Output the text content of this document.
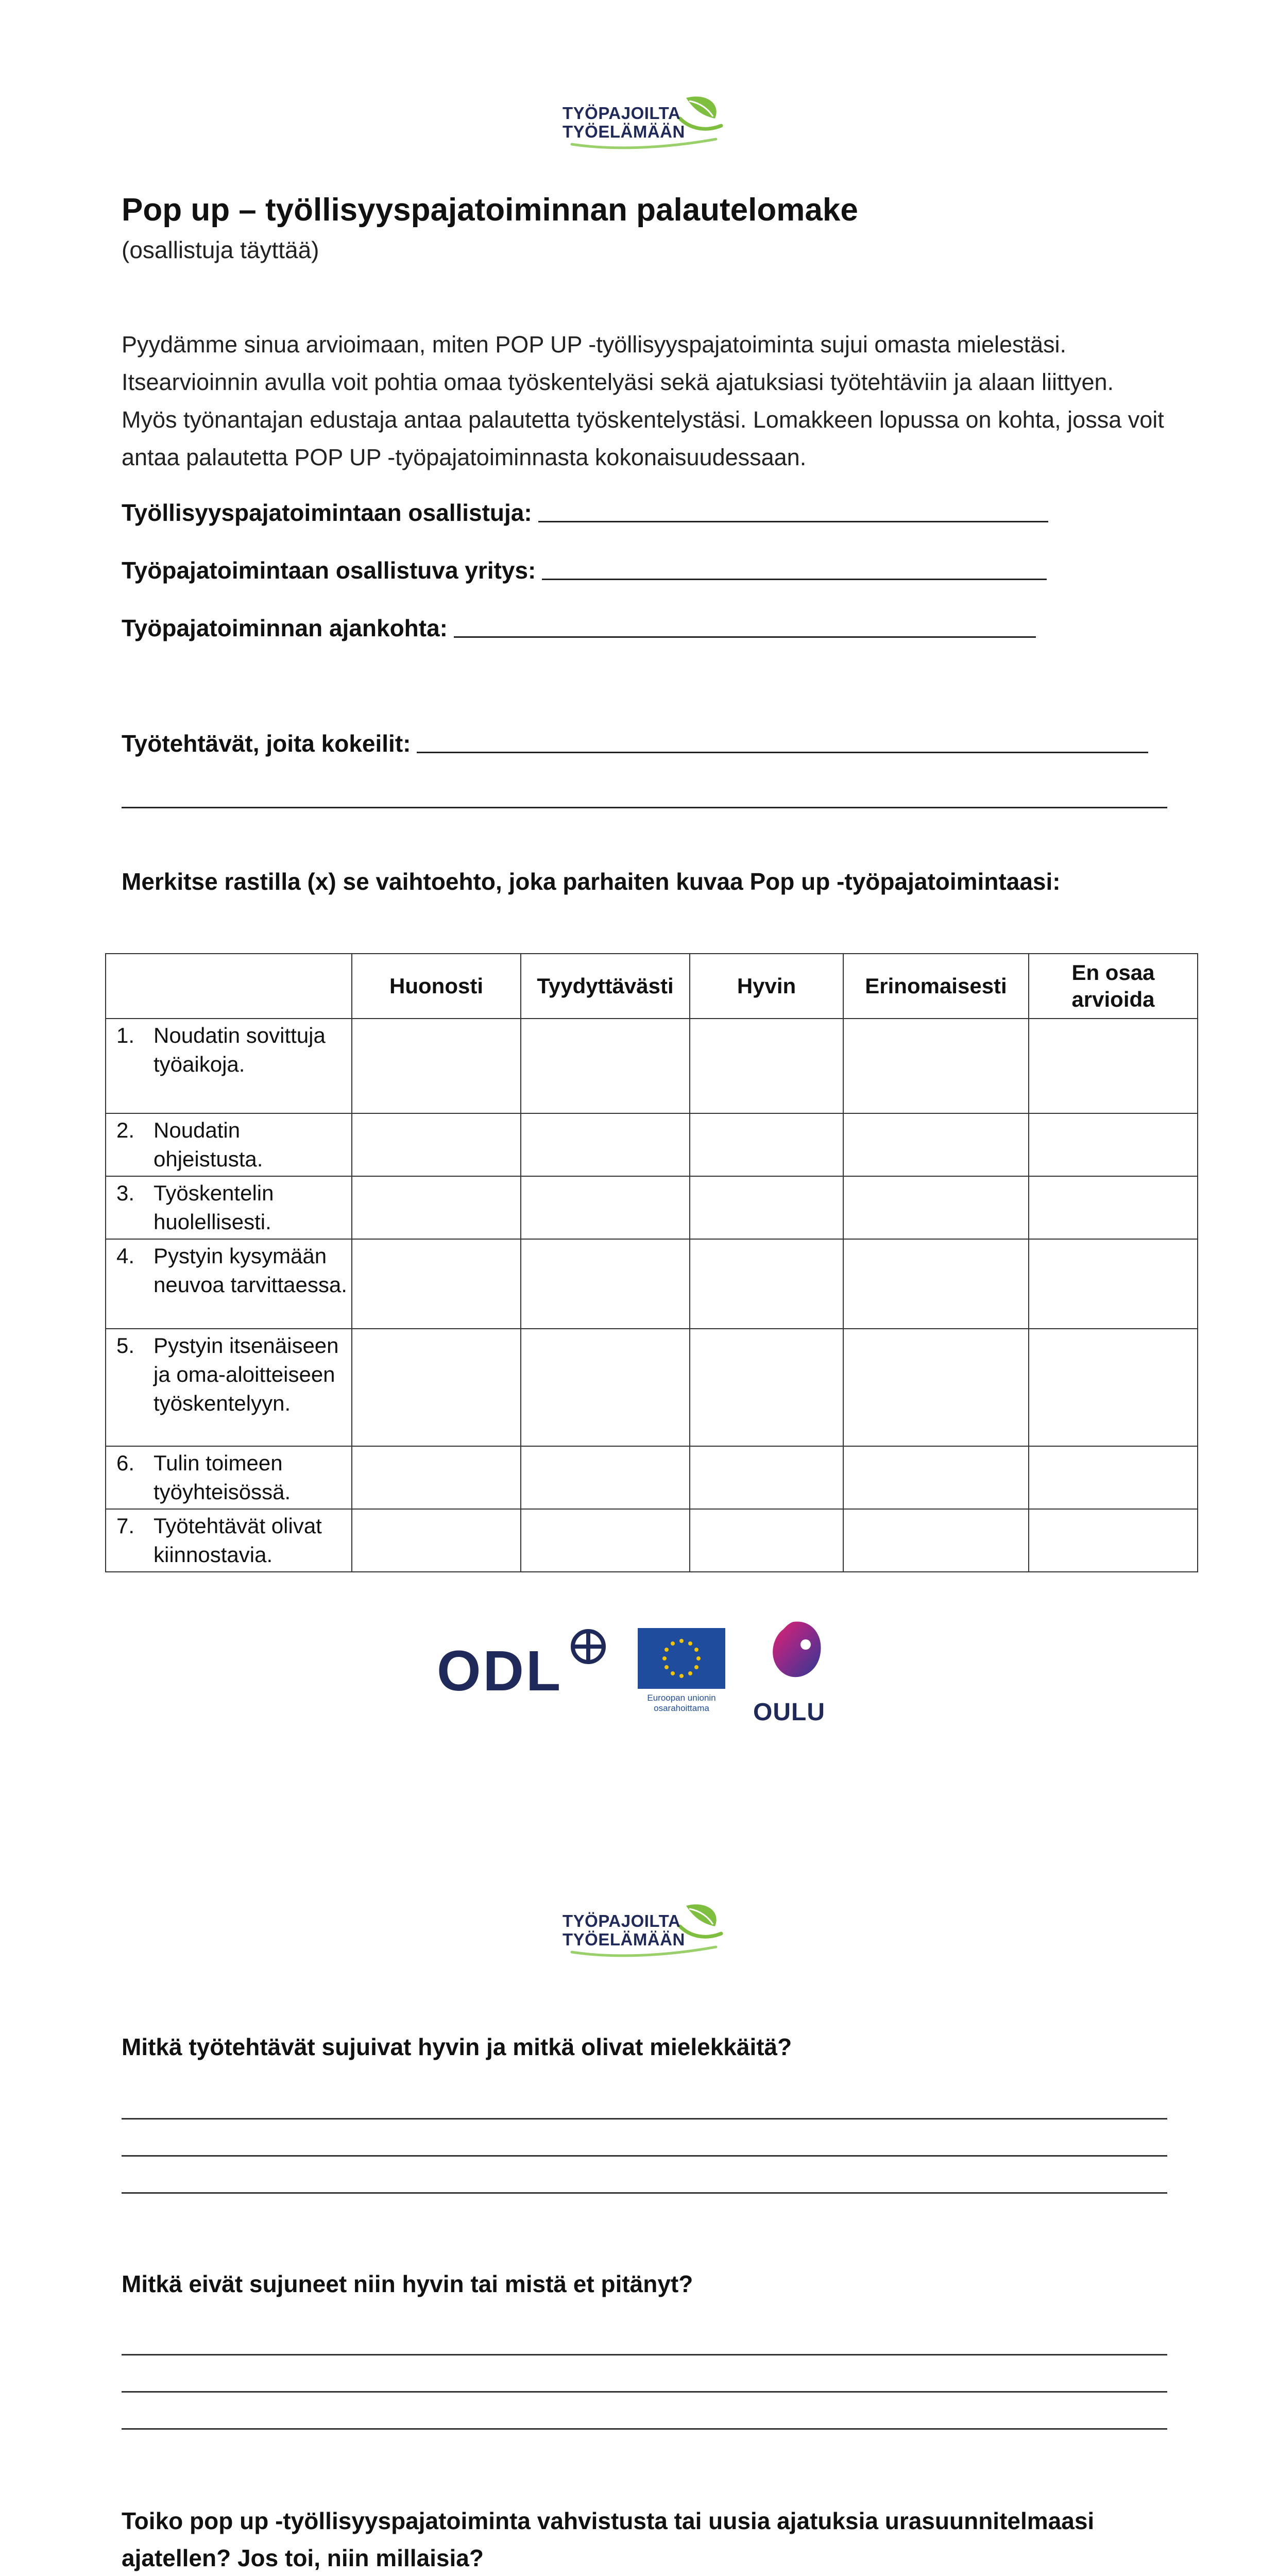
TYÖPAJOILTA
TYÖELÄMÄÄN
Pop up – työllisyyspajatoiminnan palautelomake
(osallistuja täyttää)
Pyydämme sinua arvioimaan, miten POP UP -työllisyyspajatoiminta sujui omasta mielestäsi. Itsearvioinnin avulla voit pohtia omaa työskentelyäsi sekä ajatuksiasi työtehtäviin ja alaan liittyen. Myös työnantajan edustaja antaa palautetta työskentelystäsi. Lomakkeen lopussa on kohta, jossa voit antaa palautetta POP UP -työpajatoiminnasta kokonaisuudessaan.
Työllisyyspajatoimintaan osallistuja:
Työpajatoimintaan osallistuva yritys:
Työpajatoiminnan ajankohta:
Työtehtävät, joita kokeilit:
Merkitse rastilla (x) se vaihtoehto, joka parhaiten kuvaa Pop up -työpajatoimintaasi:
	Huonosti	Tyydyttävästi	Hyvin	Erinomaisesti	En osaa arvioida

1. Noudatin sovittuja työaikoja.					

2. Noudatin ohjeistusta.					

3. Työskentelin huolellisesti.					

4. Pystyin kysymään neuvoa tarvittaessa.					

5. Pystyin itsenäiseen ja oma-aloitteiseen työskentelyyn.					

6. Tulin toimeen työyhteisössä.					

7. Työtehtävät olivat kiinnostavia.					

ODL	Euroopan unionin
osarahoittama	OULU
TYÖPAJOILTA
TYÖELÄMÄÄN
Mitkä työtehtävät sujuivat hyvin ja mitkä olivat mielekkäitä?
Mitkä eivät sujuneet niin hyvin tai mistä et pitänyt?
Toiko pop up -työllisyyspajatoiminta vahvistusta tai uusia ajatuksia urasuunnitelmaasi ajatellen? Jos toi, niin millaisia?
